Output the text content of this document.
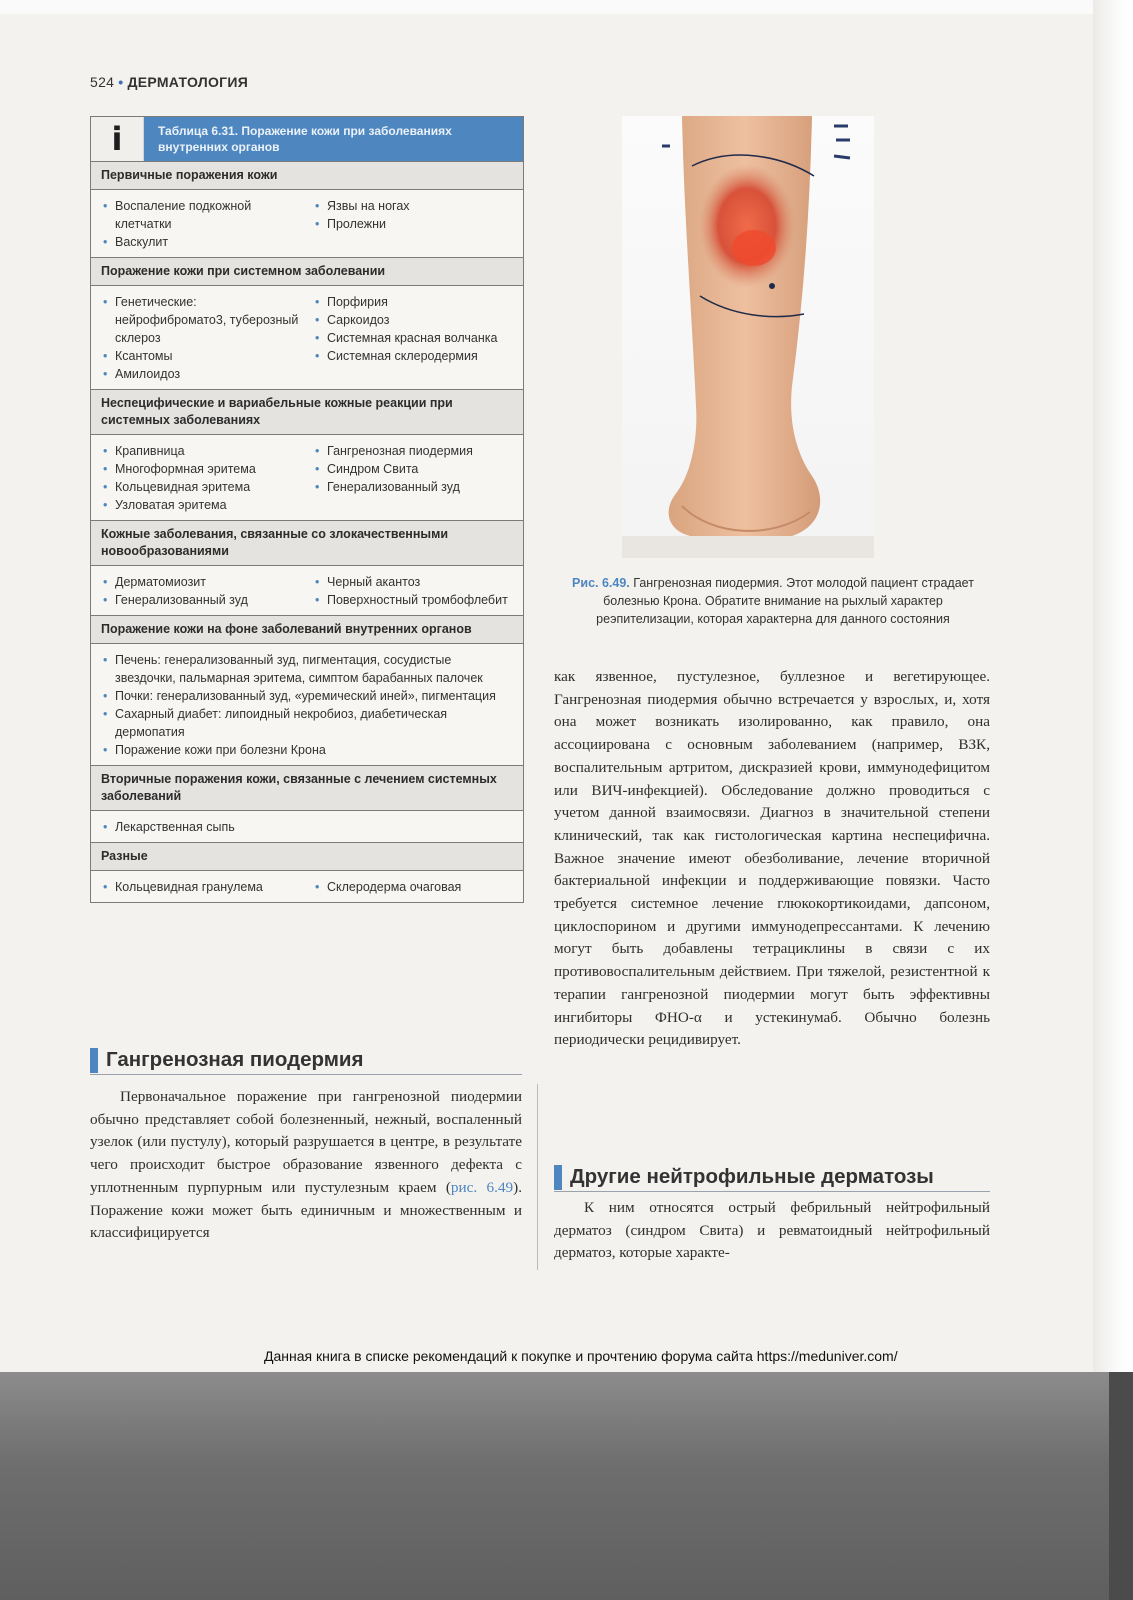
524 • ДЕРМАТОЛОГИЯ
i	Таблица 6.31. Поражение кожи при заболеваниях внутренних органов
Первичные поражения кожи
• Воспаление подкожной клетчатки
• Васкулит
• Язвы на ногах
• Пролежни
Поражение кожи при системном заболевании
• Генетические: нейрофибромато3, туберозный склероз
• Ксантомы
• Амилоидоз
• Порфирия
• Саркоидоз
• Системная красная волчанка
• Системная склеродермия
Неспецифические и вариабельные кожные реакции при системных заболеваниях
• Крапивница
• Многоформная эритема
• Кольцевидная эритема
• Узловатая эритема
• Гангренозная пиодермия
• Синдром Свита
• Генерализованный зуд
Кожные заболевания, связанные со злокачественными новообразованиями
• Дерматомиозит
• Генерализованный зуд
• Черный акантоз
• Поверхностный тромбофлебит
Поражение кожи на фоне заболеваний внутренних органов
• Печень: генерализованный зуд, пигментация, сосудистые звездочки, пальмарная эритема, симптом барабанных палочек
• Почки: генерализованный зуд, «уремический иней», пигментация
• Сахарный диабет: липоидный некробиоз, диабетическая дермопатия
• Поражение кожи при болезни Крона
Вторичные поражения кожи, связанные с лечением системных заболеваний
• Лекарственная сыпь
Разные
• Кольцевидная гранулема
•	Склеродерма очаговая
Рис. 6.49. Гангренозная пиодермия. Этот молодой пациент страдает болезнью Крона. Обратите внимание на рыхлый характер реэпителизации, которая характерна для данного состояния

как язвенное, пустулезное, буллезное и вегетирующее. Гангренозная пиодермия обычно встречается у взрослых, и, хотя она может возникать изолированно, как правило, она ассоциирована с основным заболеванием (например, ВЗК, воспалительным артритом, дискразией крови, иммунодефицитом или ВИЧ-инфекцией). Обследование должно проводиться с учетом данной взаимосвязи. Диагноз в значительной степени клинический, так как гистологическая картина неспецифична. Важное значение имеют обезболивание, лечение вторичной бактериальной инфекции и поддерживающие повязки. Часто требуется системное лечение глюкокортикоидами, дапсоном, циклоспорином и другими иммунодепрессантами. К лечению могут быть добавлены тетрациклины в связи с их противовоспалительным действием. При тяжелой, резистентной к терапии гангренозной пиодермии могут быть эффективны ингибиторы ФНО-α и устекинумаб. Обычно болезнь периодически рецидивирует.

Другие нейтрофильные дерматозы

К ним относятся острый фебрильный нейтрофильный дерматоз (синдром Свита) и ревматоидный нейтрофильный дерматоз, которые характе-

Гангренозная пиодермия

Первоначальное поражение при гангренозной пиодермии обычно представляет собой болезненный, нежный, воспаленный узелок (или пустулу), который разрушается в центре, в результате чего происходит быстрое образование язвенного дефекта с уплотненным пурпурным или пустулезным краем (рис. 6.49). Поражение кожи может быть единичным и множественным и классифицируется

Данная книга в списке рекомендаций к покупке и прочтению форума сайта https://meduniver.com/
